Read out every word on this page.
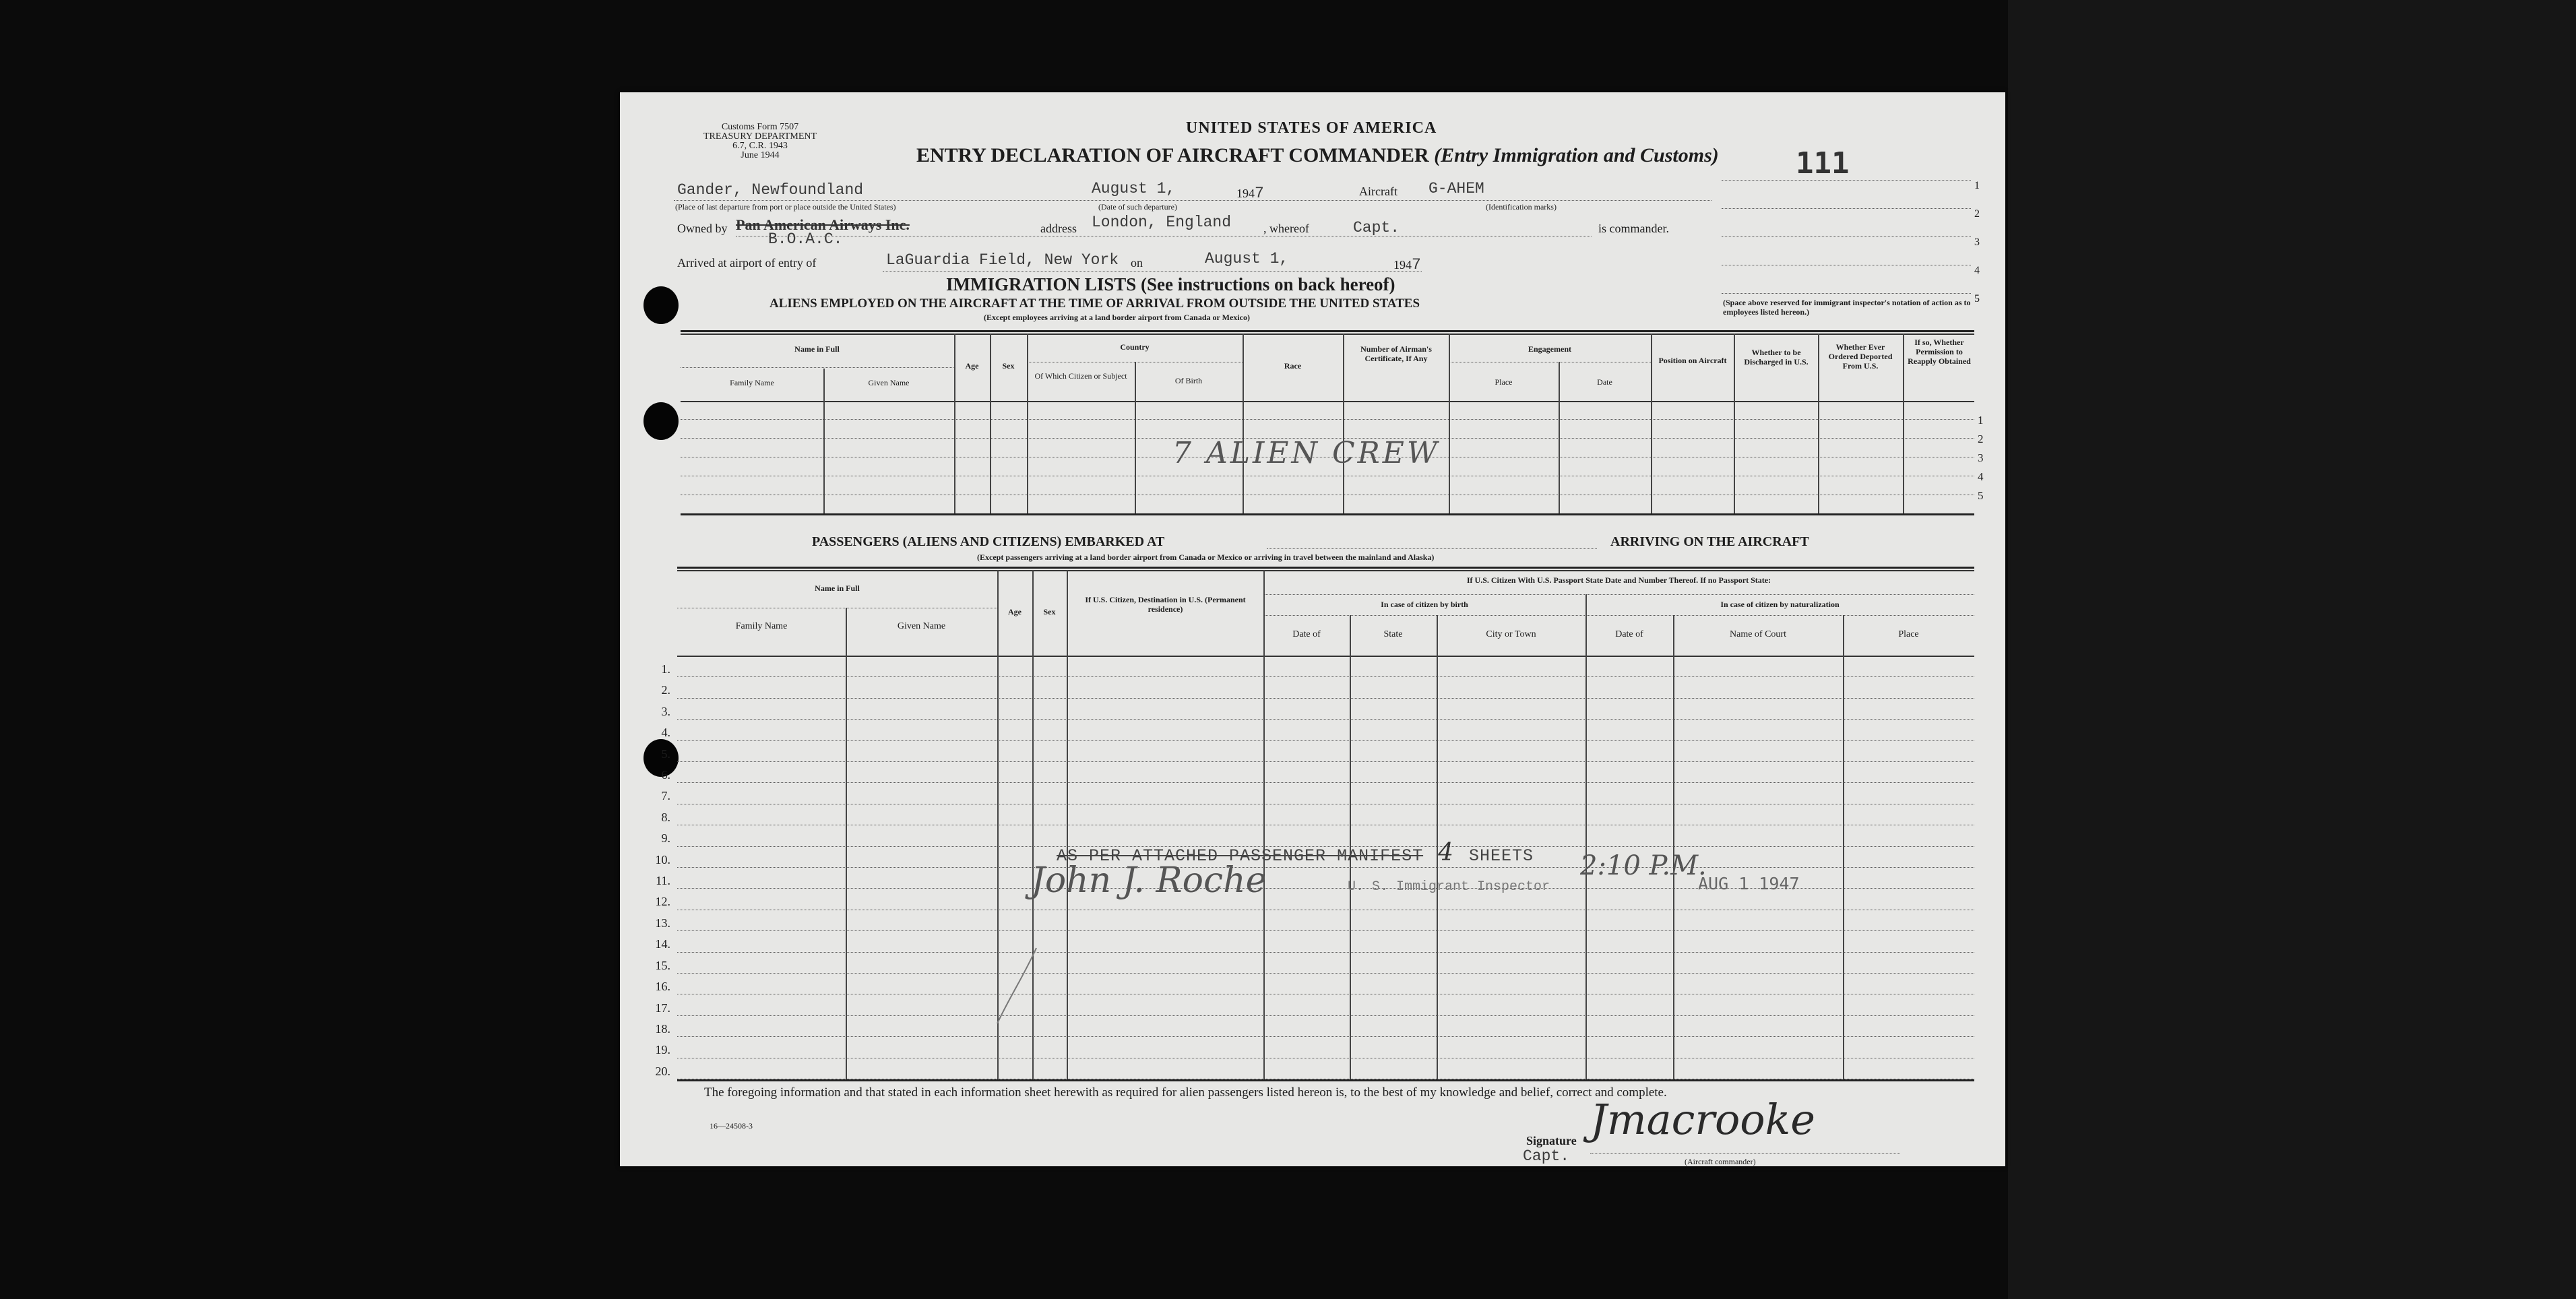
Customs Form 7507
TREASURY DEPARTMENT
6.7, C.R. 1943
June 1944
UNITED STATES OF AMERICA
ENTRY DECLARATION OF AIRCRAFT COMMANDER (Entry Immigration and Customs)	111
1
2
3
4
5
(Space above reserved for immigrant inspector's notation of action as to employees listed hereon.)
Gander, Newfoundland	August 1,	1947	Aircraft G-AHEM
(Place of last departure from port or place outside the United States)	(Date of such departure)	(Identification marks)
Owned by Pan American Airways Inc.
B.O.A.C.
address London, England	, whereof	Capt.	is commander.
Arrived at airport of entry of	LaGuardia Field, New York on	August 1,	1947
IMMIGRATION LISTS (See instructions on back hereof)
ALIENS EMPLOYED ON THE AIRCRAFT AT THE TIME OF ARRIVAL FROM OUTSIDE THE UNITED STATES
(Except employees arriving at a land border airport from Canada or Mexico)
Name in Full
Family Name	Given Name
Age	Sex
Country
Of Which Citizen or Subject	Of Birth
Race
Number of Airman's Certificate, If Any
Engagement
Place	Date
Position on Aircraft
Whether to be Discharged in U.S.
Whether Ever Ordered Deported From U.S.
If so, Whether Permission to Reapply Obtained
7 ALIEN CREW
1
2
3
4
5
PASSENGERS (ALIENS AND CITIZENS) EMBARKED AT	ARRIVING ON THE AIRCRAFT
(Except passengers arriving at a land border airport from Canada or Mexico or arriving in travel between the mainland and Alaska)
Name in Full
Family Name	Given Name
Age	Sex
If U.S. Citizen, Destination in U.S. (Permanent residence)
If U.S. Citizen With U.S. Passport State Date and Number Thereof. If no Passport State:
In case of citizen by birth	In case of citizen by naturalization
Date of	State	City or Town	Date of	Name of Court	Place
1.
2.
3.
4.
5.
6.
7.
8.
9.
10.
11.
12.
13.
14.
15.
16.
17.
18.
19.
20.
AS PER ATTACHED PASSENGER MANIFEST 4 SHEETS
John J. Roche	U. S. Immigrant Inspector
2:10 P.M.
AUG 1 1947
The foregoing information and that stated in each information sheet herewith as required for alien passengers listed hereon is, to the best of my knowledge and belief, correct and complete.
16—24508-3
Signature Jmacrooke
Capt.	(Aircraft commander)
